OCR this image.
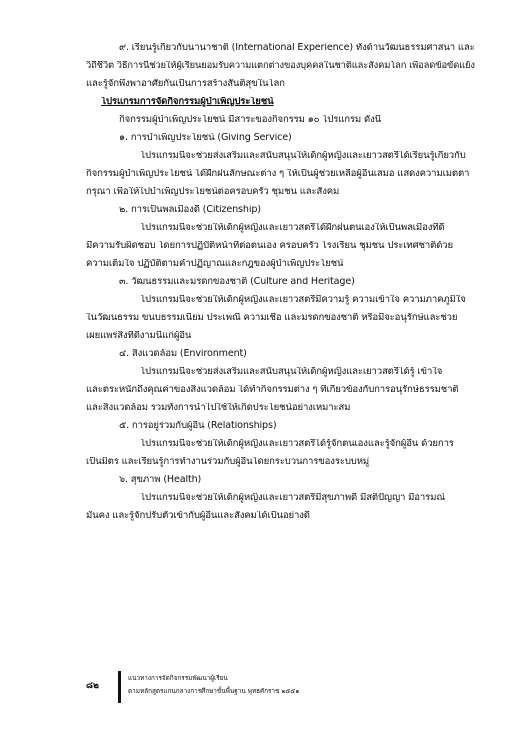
๙. เรียนรู้เกี่ยวกับนานาชาติ (International Experience) ทั้งด้านวัฒนธรรมศาสนา และ
วิถีชีวิต วิธีการนี้ช่วยให้ผู้เรียนยอมรับความแตกต่างของบุคคลในชาติและสังคมโลก เพื่อลดข้อขัดแย้ง
และรู้จักพึ่งพาอาศัยกันเป็นการสร้างสันติสุขในโลก
โปรแกรมการจัดกิจกรรมผู้บำเพ็ญประโยชน์
กิจกรรมผู้บำเพ็ญประโยชน์ มีสาระของกิจกรรม ๑๐ โปรแกรม ดังนี้
๑. การบำเพ็ญประโยชน์ (Giving Service)
โปรแกรมนี้จะช่วยส่งเสริมและสนับสนุนให้เด็กผู้หญิงและเยาวสตรีได้เรียนรู้เกี่ยวกับ
กิจกรรมผู้บำเพ็ญประโยชน์ ได้ฝึกฝนลักษณะต่าง ๆ ให้เป็นผู้ช่วยเหลือผู้อื่นเสมอ แสดงความเมตตา
กรุณา เพื่อให้ไปบำเพ็ญประโยชน์ต่อครอบครัว ชุมชน และสังคม
๒. การเป็นพลเมืองดี (Citizenship)
โปรแกรมนี้จะช่วยให้เด็กผู้หญิงและเยาวสตรีได้ฝึกฝนตนเองให้เป็นพลเมืองที่ดี
มีความรับผิดชอบ โดยการปฏิบัติหน้าที่ต่อตนเอง ครอบครัว โรงเรียน ชุมชน ประเทศชาติด้วย
ความเต็มใจ ปฏิบัติตามคำปฏิญาณและกฎของผู้บำเพ็ญประโยชน์
๓. วัฒนธรรมและมรดกของชาติ (Culture and Heritage)
โปรแกรมนี้จะช่วยให้เด็กผู้หญิงและเยาวสตรีมีความรู้ ความเข้าใจ ความภาคภูมิใจ
ในวัฒนธรรม ขนบธรรมเนียม ประเพณี ความเชื่อ และมรดกของชาติ หรือมีจะอนุรักษ์และช่วย
เผยแพร่สิ่งที่ดีงามนี้แก่ผู้อื่น
๔. สิ่งแวดล้อม (Environment)
โปรแกรมนี้จะช่วยส่งเสริมและสนับสนุนให้เด็กผู้หญิงและเยาวสตรีได้รู้ เข้าใจ
และตระหนักถึงคุณค่าของสิ่งแวดล้อม ได้ทำกิจกรรมต่าง ๆ ที่เกี่ยวข้องกับการอนุรักษ์ธรรมชาติ
และสิ่งแวดล้อม รวมทั้งการนำไปใช้ให้เกิดประโยชน์อย่างเหมาะสม
๕. การอยู่ร่วมกับผู้อื่น (Relationships)
โปรแกรมนี้จะช่วยให้เด็กผู้หญิงและเยาวสตรีได้รู้จักตนเองและรู้จักผู้อื่น ด้วยการ
เป็นมิตร และเรียนรู้การทำงานร่วมกับผู้อื่นโดยกระบวนการของระบบหมู่
๖. สุขภาพ (Health)
โปรแกรมนี้จะช่วยให้เด็กผู้หญิงและเยาวสตรีมีสุขภาพดี มีสติปัญญา มีอารมณ์
มั่นคง และรู้จักปรับตัวเข้ากับผู้อื่นและสังคมได้เป็นอย่างดี
๘๒
แนวทางการจัดกิจกรรมพัฒนาผู้เรียน
ตามหลักสูตรแกนกลางการศึกษาขั้นพื้นฐาน พุทธศักราช ๒๕๕๑
